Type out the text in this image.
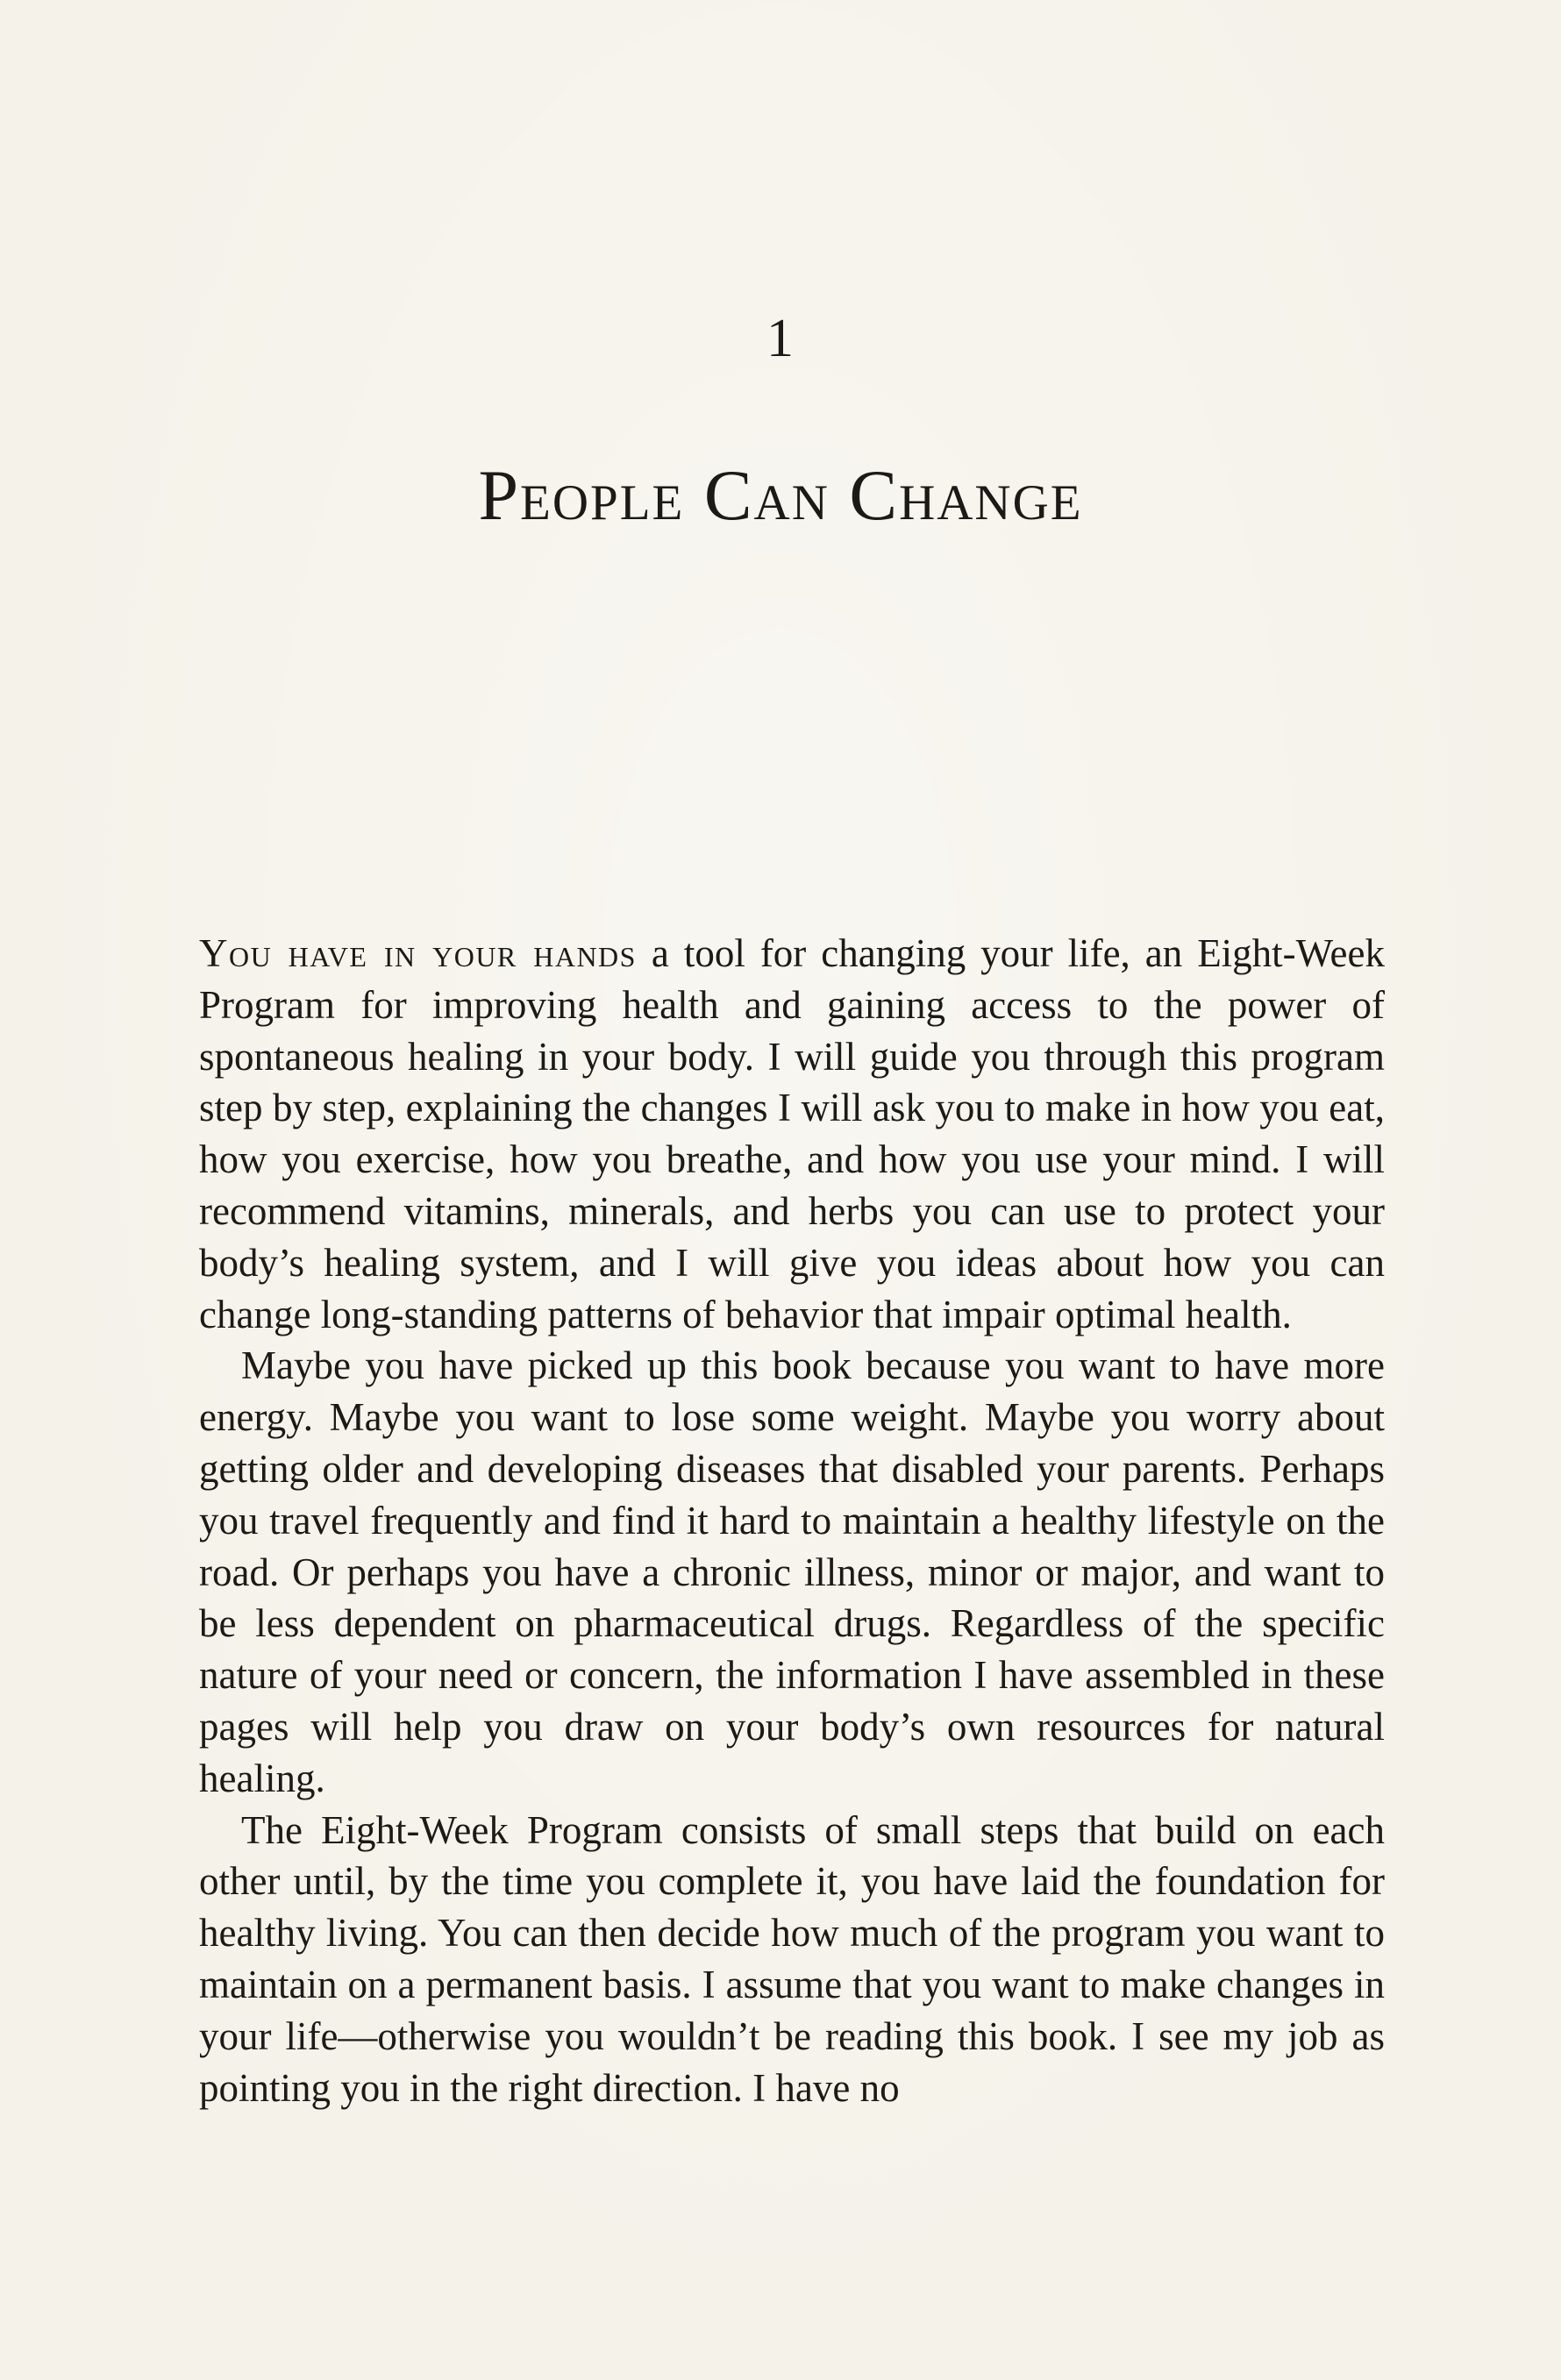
1
People Can Change

You have in your hands a tool for changing your life, an Eight-Week Program for improving health and gaining access to the power of spontaneous healing in your body. I will guide you through this program step by step, explaining the changes I will ask you to make in how you eat, how you exercise, how you breathe, and how you use your mind. I will recommend vitamins, minerals, and herbs you can use to protect your body’s healing system, and I will give you ideas about how you can change long-standing patterns of behavior that impair optimal health.

Maybe you have picked up this book because you want to have more energy. Maybe you want to lose some weight. Maybe you worry about getting older and developing diseases that disabled your parents. Perhaps you travel frequently and find it hard to maintain a healthy lifestyle on the road. Or perhaps you have a chronic illness, minor or major, and want to be less dependent on pharmaceutical drugs. Regardless of the specific nature of your need or concern, the information I have assembled in these pages will help you draw on your body’s own resources for natural healing.

The Eight-Week Program consists of small steps that build on each other until, by the time you complete it, you have laid the foundation for healthy living. You can then decide how much of the program you want to maintain on a permanent basis. I assume that you want to make changes in your life—otherwise you wouldn’t be reading this book. I see my job as pointing you in the right direction. I have no
